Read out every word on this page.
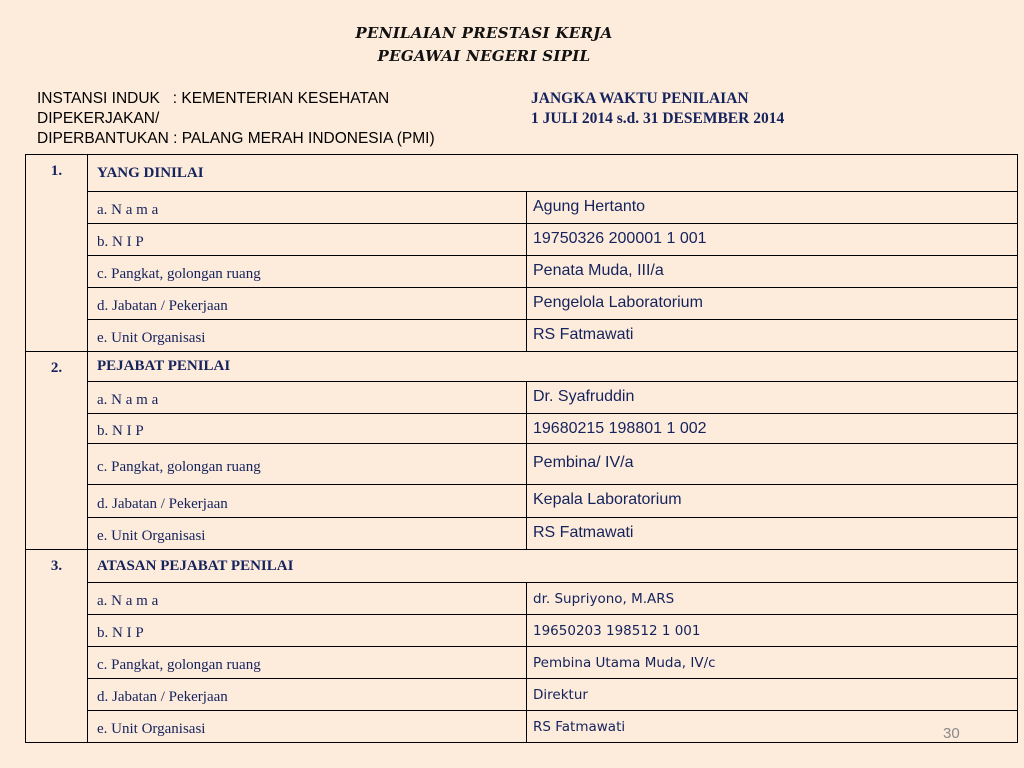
PENILAIAN PRESTASI KERJA
PEGAWAI NEGERI SIPIL
INSTANSI INDUK   : KEMENTERIAN KESEHATAN
DIPEKERJAKAN/
DIPERBANTUKAN : PALANG MERAH INDONESIA (PMI)
JANGKA WAKTU PENILAIAN
1 JULI 2014 s.d. 31 DESEMBER 2014
1.	YANG DINILAI	
	a. N a m a	Agung Hertanto
	b. N I P	19750326 200001 1 001
	c. Pangkat, golongan ruang	Penata Muda, III/a
	d. Jabatan / Pekerjaan	Pengelola Laboratorium
	e. Unit Organisasi	RS Fatmawati
2.	PEJABAT PENILAI	
	a. N a m a	Dr. Syafruddin
	b. N I P	19680215 198801 1 002
	c. Pangkat, golongan ruang	Pembina/ IV/a
	d. Jabatan / Pekerjaan	Kepala Laboratorium
	e. Unit Organisasi	RS Fatmawati
3.	ATASAN PEJABAT PENILAI	
	a. N a m a	dr. Supriyono, M.ARS
	b. N I P	19650203 198512 1 001
	c. Pangkat, golongan ruang	Pembina Utama Muda, IV/c
	d. Jabatan / Pekerjaan	Direktur
	e. Unit Organisasi	RS Fatmawati	30
